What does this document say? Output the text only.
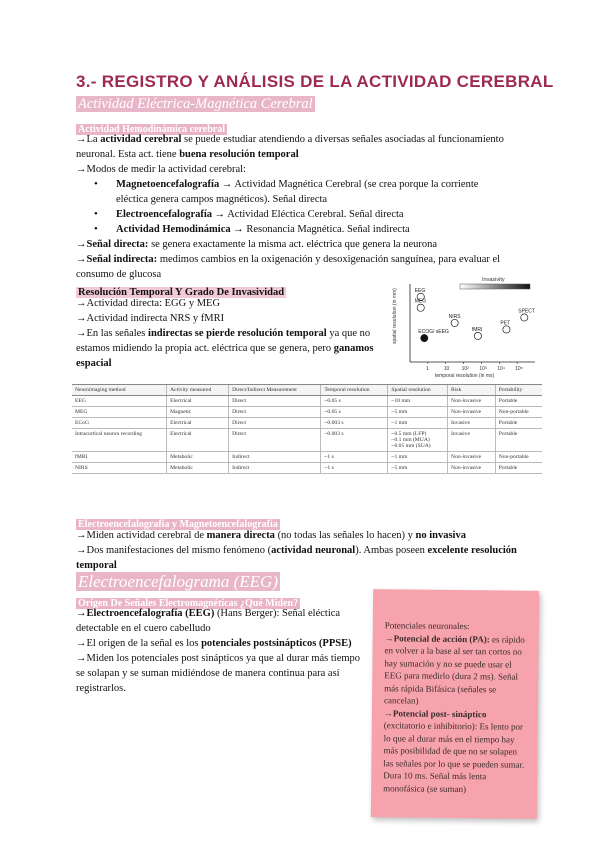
3.- REGISTRO Y ANÁLISIS DE LA ACTIVIDAD CEREBRAL
Actividad Eléctrica-Magnética Cerebral
Actividad Hemodinámica cerebral
→La actividad cerebral se puede estudiar atendiendo a diversas señales asociadas al funcionamiento neuronal. Esta act. tiene buena resolución temporal
→Modos de medir la actividad cerebral:
• Magnetoencefalografía → Actividad Magnética Cerebral (se crea porque la corriente eléctica genera campos magnéticos). Señal directa
• Electroencefalografía → Actividad Eléctica Cerebral. Señal directa
• Actividad Hemodinámica → Resonancia Magnética. Señal indirecta
→Señal directa: se genera exactamente la misma act. eléctrica que genera la neurona
→Señal indirecta: medimos cambios en la oxigenación y desoxigenación sanguínea, para evaluar el consumo de glucosa
Resolución Temporal Y Grado De Invasividad
→Actividad directa: EGG y MEG
→Actividad indirecta NRS y fMRI
→En las señales indirectas se pierde resolución temporal ya que no estamos midiendo la propia act. eléctrica que se genera, pero ganamos espacial
Invasivity
spatial resolution (in mm)
temporal resolution (in ms)
1	10 10² 10³ 10⁴ 10⁵
EEG
MEG
NIRS
fMRI
PET
SPECT
ECOG/ sEEG
Neuroimaging method	Activity measured	Direct/Indirect Measurement	Temporal resolution	Spatial resolution	Risk	Portability
EEG	Electrical	Direct	~0.05 s	~10 mm	Non-invasive	Portable
MEG	Magnetic	Direct	~0.05 s	~5 mm	Non-invasive	Non-portable
ECoG	Electrical	Direct	~0.003 s	~1 mm	Invasive	Portable
Intracortical neuron recording	Electrical	Direct	~0.003 s	~0.5 mm (LFP)
~0.1 mm (MUA)
~0.05 mm (SUA)	Invasive	Portable
fMRI	Metabolic	Indirect	~1 s	~1 mm	Non-invasive	Non-portable
NIRS	Metabolic	Indirect	~1 s	~5 mm	Non-invasive	Portable
Electroencefalografía y Magnetoencefalografía
→Miden actividad cerebral de manera directa (no todas las señales lo hacen) y no invasiva
→Dos manifestaciones del mismo fenómeno (actividad neuronal). Ambas poseen excelente resolución temporal
Electroencefalograma (EEG)
Origen De Señales Electromagnéticas ¿Qué Miden?
→Electroencefalografía (EEG) (Hans Berger): Señal eléctica detectable en el cuero cabelludo
→El origen de la señal es los potenciales postsinápticos (PPSE)
→Miden los potenciales post sinápticos ya que al durar más tiempo se solapan y se suman midiéndose de manera continua para así registrarlos.
Potenciales neuronales:
→Potencial de acción (PA): es rápido en volver a la base al ser tan cortos no hay sumación y no se puede usar el EEG para medirlo (dura 2 ms). Señal más rápida Bifásica (señales se cancelan)
→Potencial post- sináptico (excitatorio e inhibitorio): Es lento por lo que al durar más en el tiempo hay más posibilidad de que no se solapen las señales por lo que se pueden sumar. Dura 10 ms. Señal más lenta monofásica (se suman)
